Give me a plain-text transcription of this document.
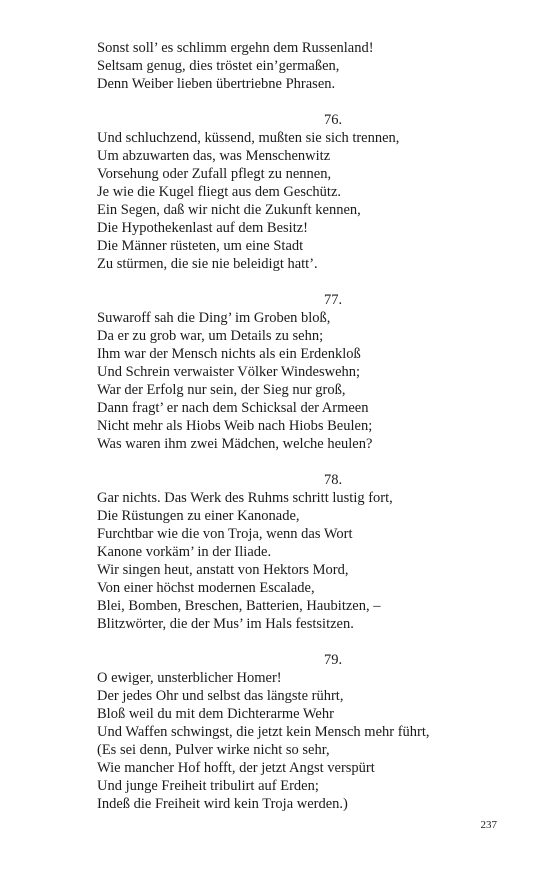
Sonst soll’ es schlimm ergehn dem Russenland!
Seltsam genug, dies tröstet ein’germaßen,
Denn Weiber lieben übertriebne Phrasen.
76.
Und schluchzend, küssend, mußten sie sich trennen,
Um abzuwarten das, was Menschenwitz
Vorsehung oder Zufall pflegt zu nennen,
Je wie die Kugel fliegt aus dem Geschütz.
Ein Segen, daß wir nicht die Zukunft kennen,
Die Hypothekenlast auf dem Besitz!
Die Männer rüsteten, um eine Stadt
Zu stürmen, die sie nie beleidigt hatt’.
77.
Suwaroff sah die Ding’ im Groben bloß,
Da er zu grob war, um Details zu sehn;
Ihm war der Mensch nichts als ein Erdenkloß
Und Schrein verwaister Völker Windeswehn;
War der Erfolg nur sein, der Sieg nur groß,
Dann fragt’ er nach dem Schicksal der Armeen
Nicht mehr als Hiobs Weib nach Hiobs Beulen;
Was waren ihm zwei Mädchen, welche heulen?
78.
Gar nichts. Das Werk des Ruhms schritt lustig fort,
Die Rüstungen zu einer Kanonade,
Furchtbar wie die von Troja, wenn das Wort
Kanone vorkäm’ in der Iliade.
Wir singen heut, anstatt von Hektors Mord,
Von einer höchst modernen Escalade,
Blei, Bomben, Breschen, Batterien, Haubitzen, –
Blitzwörter, die der Mus’ im Hals festsitzen.
79.
O ewiger, unsterblicher Homer!
Der jedes Ohr und selbst das längste rührt,
Bloß weil du mit dem Dichterarme Wehr
Und Waffen schwingst, die jetzt kein Mensch mehr führt,
(Es sei denn, Pulver wirke nicht so sehr,
Wie mancher Hof hofft, der jetzt Angst verspürt
Und junge Freiheit tribulirt auf Erden;
Indeß die Freiheit wird kein Troja werden.)
237
